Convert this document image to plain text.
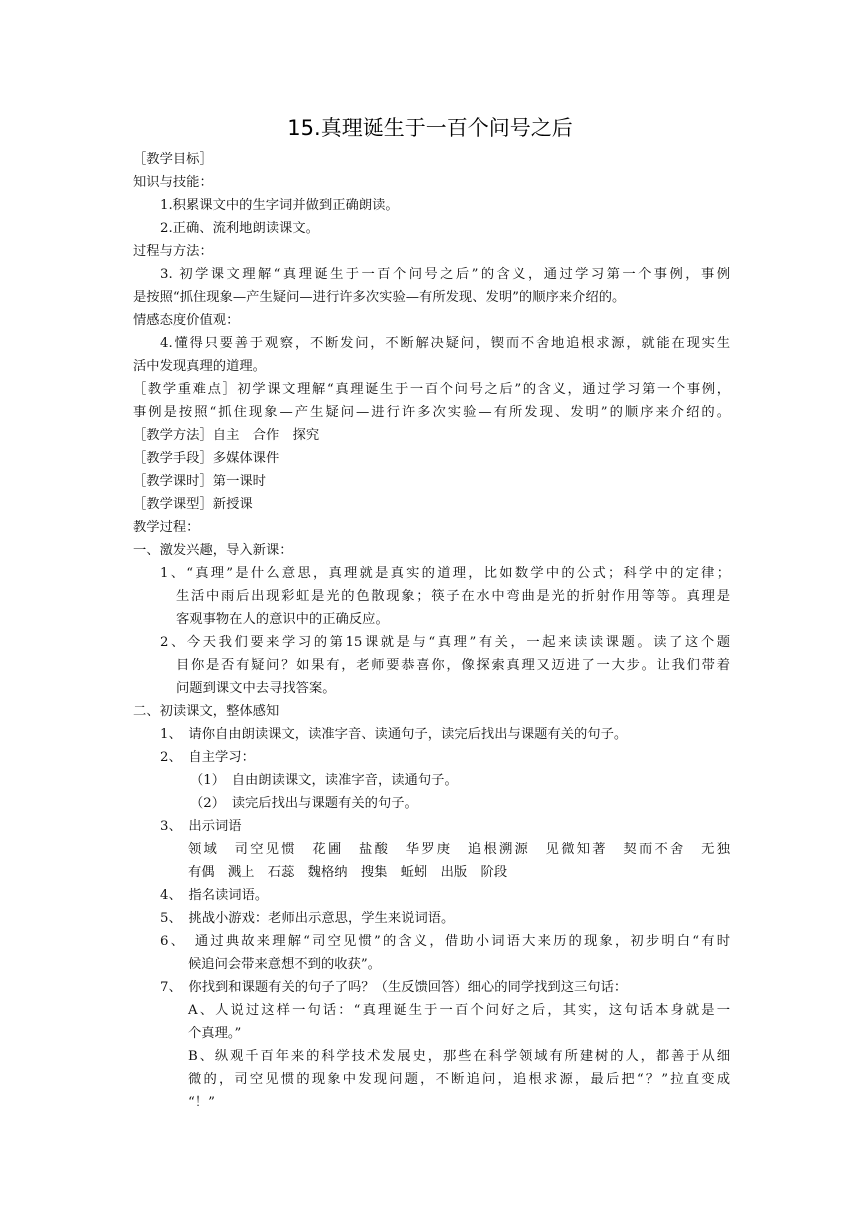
15.真理诞生于一百个问号之后
［教学目标］
知识与技能：
1.积累课文中的生字词并做到正确朗读。
2.正确、流利地朗读课文。
过程与方法：
3. 初学课文理解“真理诞生于一百个问号之后”的含义，通过学习第一个事例，事例
是按照“抓住现象—产生疑问—进行许多次实验—有所发现、发明”的顺序来介绍的。
情感态度价值观：
4.懂得只要善于观察，不断发问，不断解决疑问，锲而不舍地追根求源，就能在现实生
活中发现真理的道理。
［教学重难点］初学课文理解“真理诞生于一百个问号之后”的含义，通过学习第一个事例，
事例是按照“抓住现象—产生疑问—进行许多次实验—有所发现、发明”的顺序来介绍的。
［教学方法］自主　合作　探究
［教学手段］多媒体课件
［教学课时］第一课时
［教学课型］新授课
教学过程：
一、激发兴趣，导入新课：
1、“真理”是什么意思，真理就是真实的道理，比如数学中的公式；科学中的定律；
生活中雨后出现彩虹是光的色散现象；筷子在水中弯曲是光的折射作用等等。真理是
客观事物在人的意识中的正确反应。
2、今天我们要来学习的第15课就是与“真理”有关，一起来读读课题。读了这个题
目你是否有疑问？如果有，老师要恭喜你，像探索真理又迈进了一大步。让我们带着
问题到课文中去寻找答案。
二、初读课文，整体感知
1、　请你自由朗读课文，读准字音、读通句子，读完后找出与课题有关的句子。
2、　自主学习：
（1）　自由朗读课文，读准字音，读通句子。
（2）　读完后找出与课题有关的句子。
3、　出示词语
领域　司空见惯　花圃　盐酸　华罗庚　追根溯源　见微知著　契而不舍　无独
有偶　溅上　石蕊　魏格纳　搜集　蚯蚓　出版　阶段
4、　指名读词语。
5、　挑战小游戏：老师出示意思，学生来说词语。
6、　通过典故来理解“司空见惯”的含义，借助小词语大来历的现象，初步明白“有时
候追问会带来意想不到的收获”。
7、　你找到和课题有关的句子了吗？（生反馈回答）细心的同学找到这三句话：
A、人说过这样一句话：“真理诞生于一百个问好之后，其实，这句话本身就是一
个真理。”
B、纵观千百年来的科学技术发展史，那些在科学领域有所建树的人，都善于从细
微的，司空见惯的现象中发现问题，不断追问，追根求源，最后把“？”拉直变成
“！”
